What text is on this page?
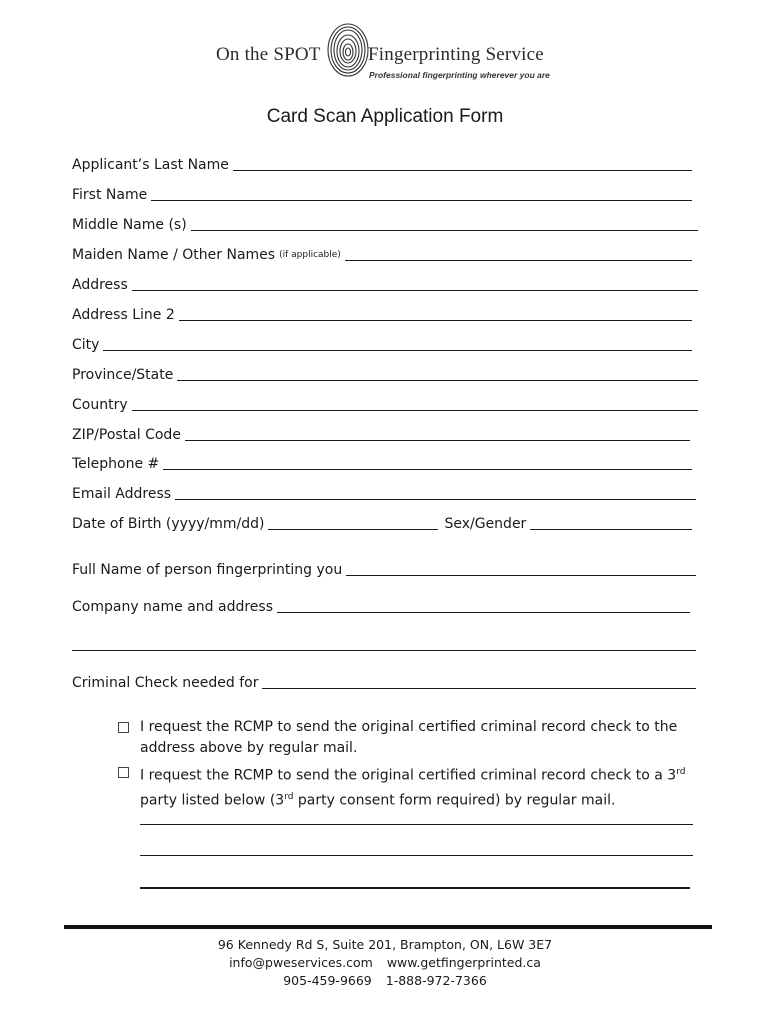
On the SPOT Fingerprinting Service
Professional fingerprinting wherever you are
Card Scan Application Form
Applicant’s Last Name
First Name
Middle Name (s)
Maiden Name / Other Names (if applicable)
Address
Address Line 2
City
Province/State
Country
ZIP/Postal Code
Telephone #
Email Address
Date of Birth (yyyy/mm/dd)	Sex/Gender
Full Name of person fingerprinting you
Company name and address
Criminal Check needed for
I request the RCMP to send the original certified criminal record check to the address above by regular mail.
I request the RCMP to send the original certified criminal record check to a 3rd party listed below (3rd party consent form required) by regular mail.
96 Kennedy Rd S, Suite 201, Brampton, ON, L6W 3E7
info@pweservices.com www.getfingerprinted.ca
905-459-9669 1-888-972-7366
